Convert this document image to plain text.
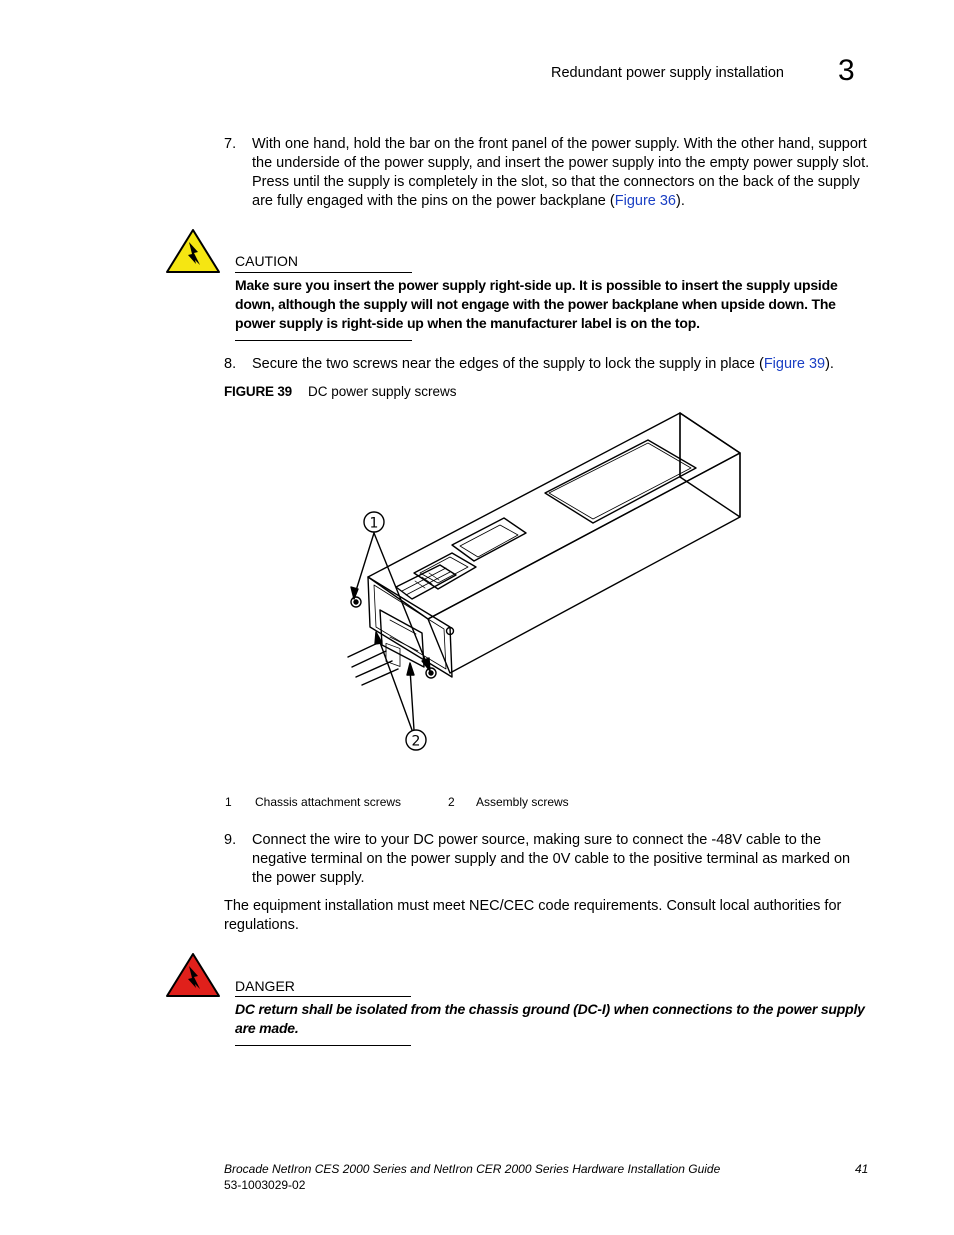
Redundant power supply installation 3
7. With one hand, hold the bar on the front panel of the power supply. With the other hand, support the underside of the power supply, and insert the power supply into the empty power supply slot. Press until the supply is completely in the slot, so that the connectors on the back of the supply are fully engaged with the pins on the power backplane (Figure 36).
CAUTION
Make sure you insert the power supply right-side up. It is possible to insert the supply upside down, although the supply will not engage with the power backplane when upside down. The power supply is right-side up when the manufacturer label is on the top.
8. Secure the two screws near the edges of the supply to lock the supply in place (Figure 39).
FIGURE 39 DC power supply screws
1
2
1 Chassis attachment screws	2 Assembly screws
9. Connect the wire to your DC power source, making sure to connect the -48V cable to the negative terminal on the power supply and the 0V cable to the positive terminal as marked on the power supply.
The equipment installation must meet NEC/CEC code requirements. Consult local authorities for regulations.
DANGER
DC return shall be isolated from the chassis ground (DC-I) when connections to the power supply are made.
Brocade NetIron CES 2000 Series and NetIron CER 2000 Series Hardware Installation Guide
53-1003029-02
41
